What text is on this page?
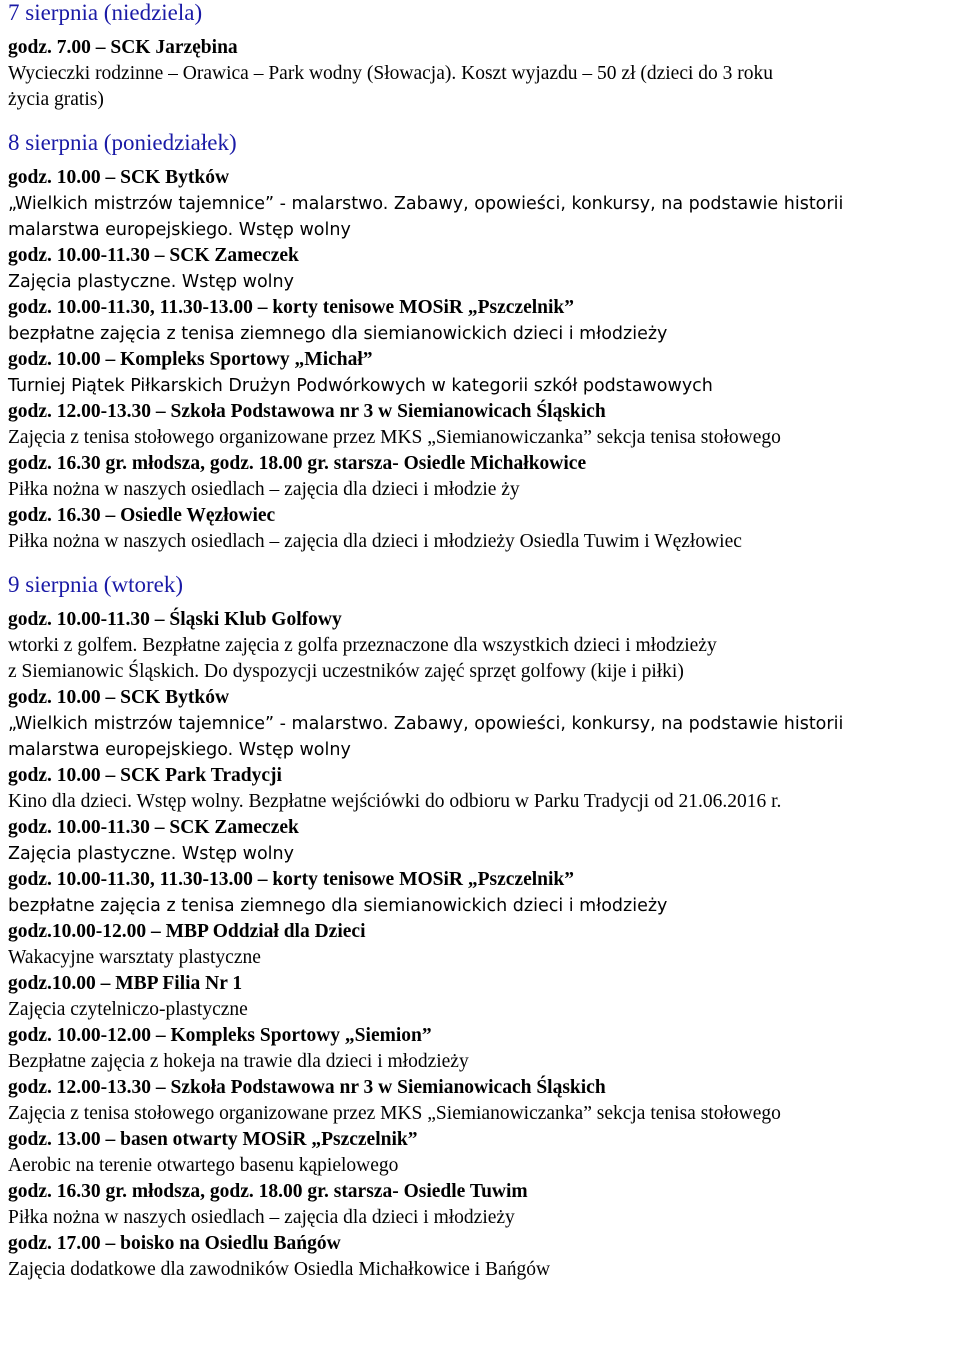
7 sierpnia (niedziela)
godz. 7.00 – SCK Jarzębina
Wycieczki rodzinne – Orawica – Park wodny (Słowacja). Koszt wyjazdu – 50 zł (dzieci do 3 roku
życia gratis)
8 sierpnia (poniedziałek)
godz. 10.00 – SCK Bytków
„Wielkich mistrzów tajemnice” - malarstwo. Zabawy, opowieści, konkursy, na podstawie historii
malarstwa europejskiego. Wstęp wolny
godz. 10.00-11.30 – SCK Zameczek
Zajęcia plastyczne. Wstęp wolny
godz. 10.00-11.30, 11.30-13.00 – korty tenisowe MOSiR „Pszczelnik”
bezpłatne zajęcia z tenisa ziemnego dla siemianowickich dzieci i młodzieży
godz. 10.00 – Kompleks Sportowy „Michał”
Turniej Piątek Piłkarskich Drużyn Podwórkowych w kategorii szkół podstawowych
godz. 12.00-13.30 – Szkoła Podstawowa nr 3 w Siemianowicach Śląskich
Zajęcia z tenisa stołowego organizowane przez MKS „Siemianowiczanka” sekcja tenisa stołowego
godz. 16.30 gr. młodsza, godz. 18.00 gr. starsza- Osiedle Michałkowice
Piłka nożna w naszych osiedlach – zajęcia dla dzieci i młodzie ży
godz. 16.30 – Osiedle Węzłowiec
Piłka nożna w naszych osiedlach – zajęcia dla dzieci i młodzieży Osiedla Tuwim i Węzłowiec
9 sierpnia (wtorek)
godz. 10.00-11.30 – Śląski Klub Golfowy
wtorki z golfem. Bezpłatne zajęcia z golfa przeznaczone dla wszystkich dzieci i młodzieży
z Siemianowic Śląskich. Do dyspozycji uczestników zajęć sprzęt golfowy (kije i piłki)
godz. 10.00 – SCK Bytków
„Wielkich mistrzów tajemnice” - malarstwo. Zabawy, opowieści, konkursy, na podstawie historii
malarstwa europejskiego. Wstęp wolny
godz. 10.00 – SCK Park Tradycji
Kino dla dzieci. Wstęp wolny. Bezpłatne wejściówki do odbioru w Parku Tradycji od 21.06.2016 r.
godz. 10.00-11.30 – SCK Zameczek
Zajęcia plastyczne. Wstęp wolny
godz. 10.00-11.30, 11.30-13.00 – korty tenisowe MOSiR „Pszczelnik”
bezpłatne zajęcia z tenisa ziemnego dla siemianowickich dzieci i młodzieży
godz.10.00-12.00 – MBP Oddział dla Dzieci
Wakacyjne warsztaty plastyczne
godz.10.00 – MBP Filia Nr 1
Zajęcia czytelniczo-plastyczne
godz. 10.00-12.00 – Kompleks Sportowy „Siemion”
Bezpłatne zajęcia z hokeja na trawie dla dzieci i młodzieży
godz. 12.00-13.30 – Szkoła Podstawowa nr 3 w Siemianowicach Śląskich
Zajęcia z tenisa stołowego organizowane przez MKS „Siemianowiczanka” sekcja tenisa stołowego
godz. 13.00 – basen otwarty MOSiR „Pszczelnik”
Aerobic na terenie otwartego basenu kąpielowego
godz. 16.30 gr. młodsza, godz. 18.00 gr. starsza- Osiedle Tuwim
Piłka nożna w naszych osiedlach – zajęcia dla dzieci i młodzieży
godz. 17.00 – boisko na Osiedlu Bańgów
Zajęcia dodatkowe dla zawodników Osiedla Michałkowice i Bańgów
